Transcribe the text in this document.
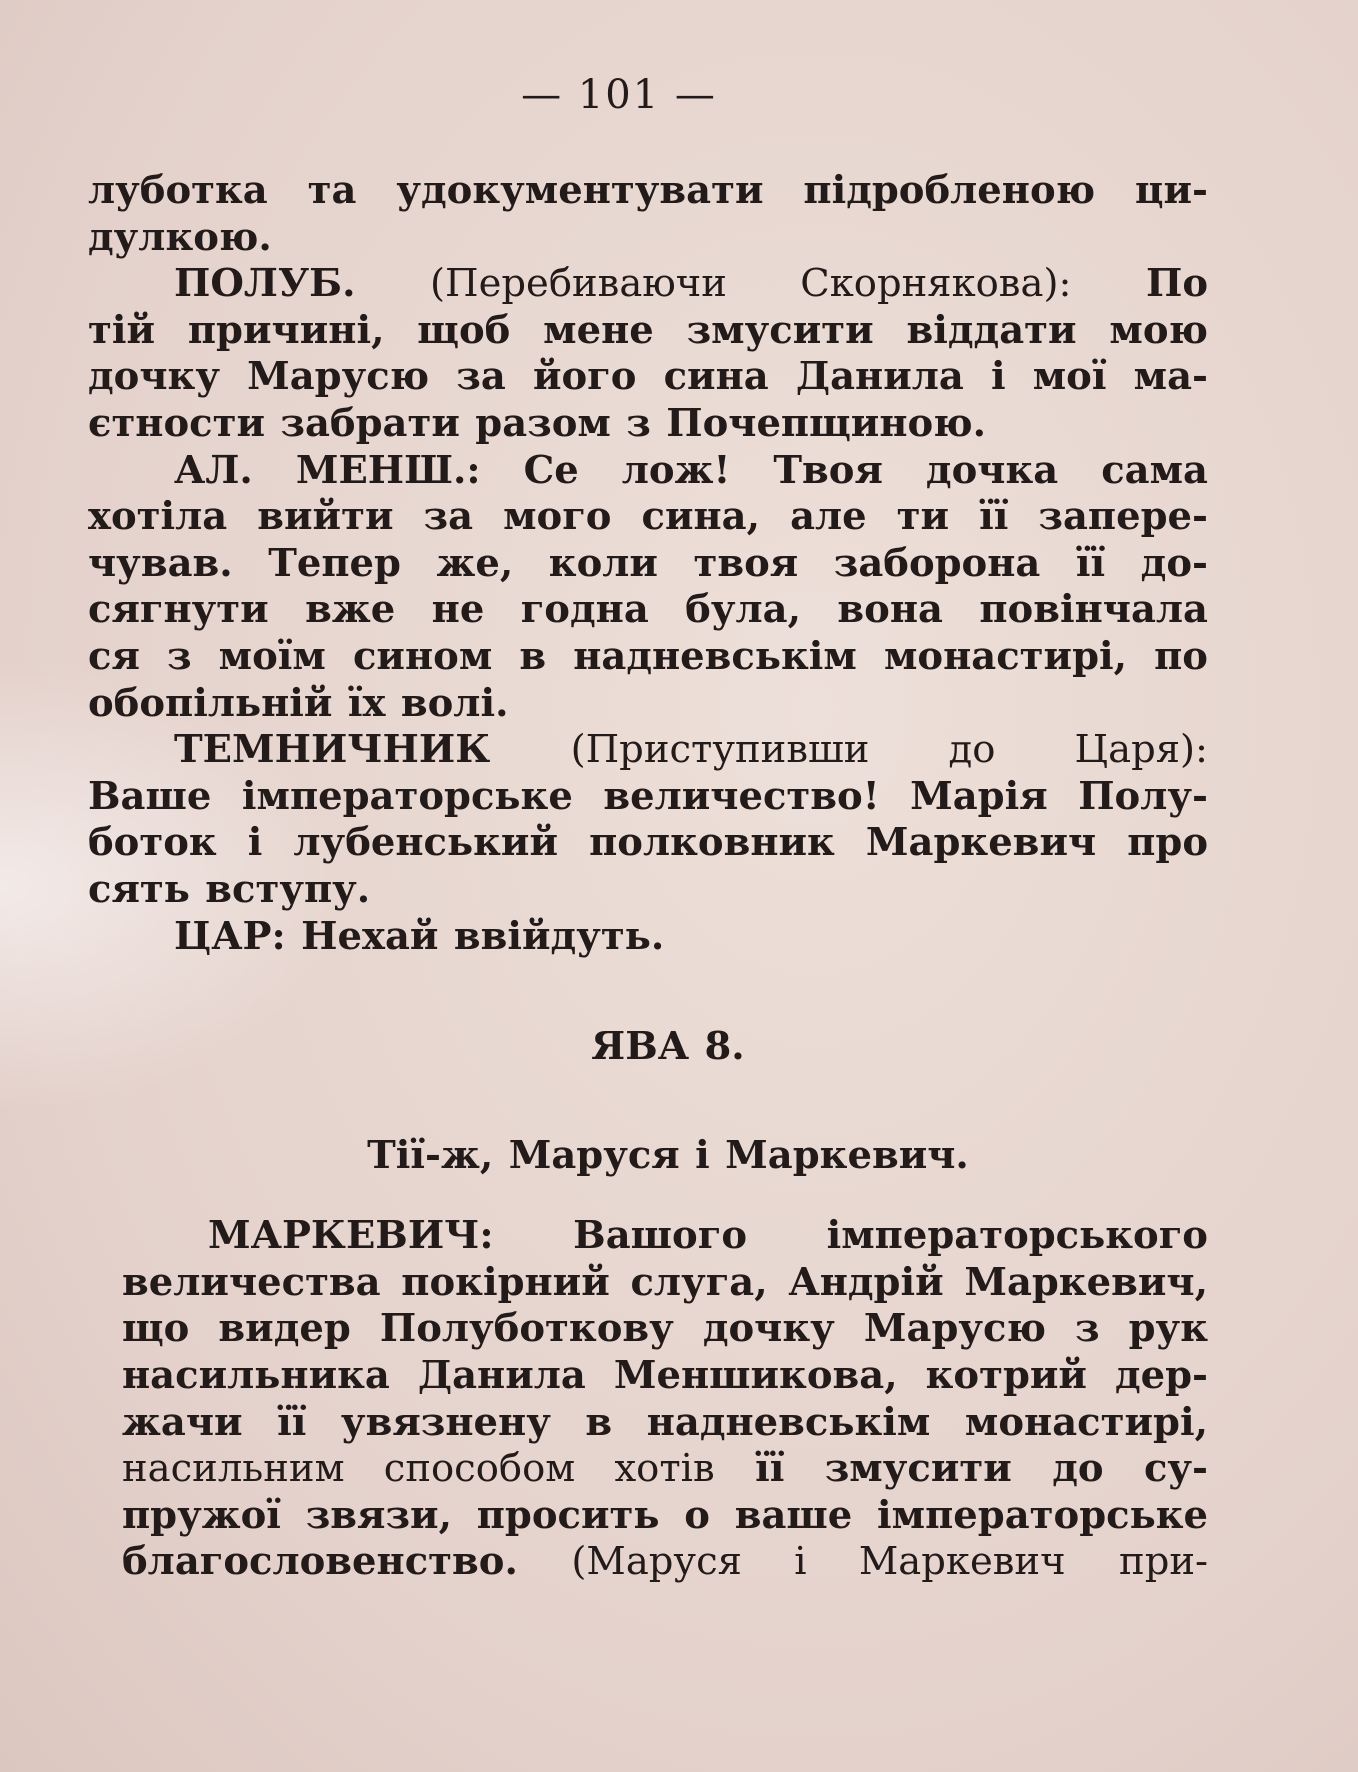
— 101 —
луботка та удокументувати підробленою ци-
дулкою.
ПОЛУБ. (Перебиваючи Скорнякова): По
тій причині, щоб мене змусити віддати мою
дочку Марусю за його сина Данила і мої ма-
єтности забрати разом з Почепщиною.
АЛ. МЕНШ.: Се лож! Твоя дочка сама
хотіла вийти за мого сина, але ти її запере-
чував. Тепер же, коли твоя заборона її до-
сягнути вже не годна була, вона повінчала
ся з моїм сином в надневськім монастирі, по
обопільній їх волі.
ТЕМНИЧНИК (Приступивши до Царя):
Ваше імператорське величество! Марія Полу-
боток і лубенський полковник Маркевич про
сять вступу.
ЦАР: Нехай ввійдуть.
ЯВА 8.
Тії-ж, Маруся і Маркевич.
МАРКЕВИЧ: Вашого імператорського
величества покірний слуга, Андрій Маркевич,
що видер Полуботкову дочку Марусю з рук
насильника Данила Меншикова, котрий дер-
жачи її увязнену в надневськім монастирі,
насильним способом хотів її змусити до су-
пружої звязи, просить о ваше імператорське
благословенство. (Маруся і Маркевич при-
